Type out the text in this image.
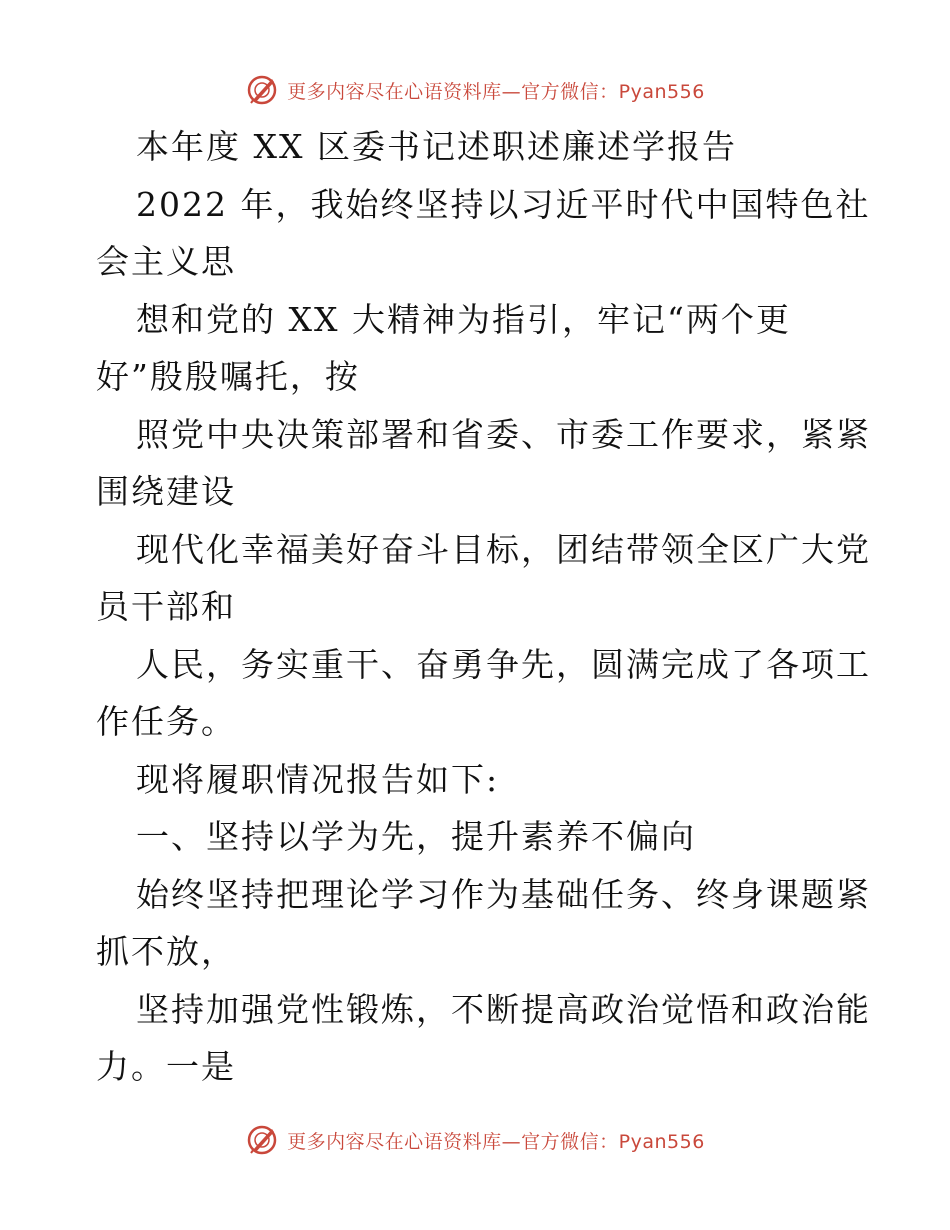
更多内容尽在心语资料库—官方微信：Pyan556
本年度 XX 区委书记述职述廉述学报告
2022 年，我始终坚持以习近平时代中国特色社
会主义思
想和党的 XX 大精神为指引，牢记“两个更
好”殷殷嘱托，按
照党中央决策部署和省委、市委工作要求，紧紧
围绕建设
现代化幸福美好奋斗目标，团结带领全区广大党
员干部和
人民，务实重干、奋勇争先，圆满完成了各项工
作任务。
现将履职情况报告如下:
一、坚持以学为先，提升素养不偏向
始终坚持把理论学习作为基础任务、终身课题紧
抓不放，
坚持加强党性锻炼，不断提高政治觉悟和政治能
力。一是
更多内容尽在心语资料库—官方微信：Pyan556
